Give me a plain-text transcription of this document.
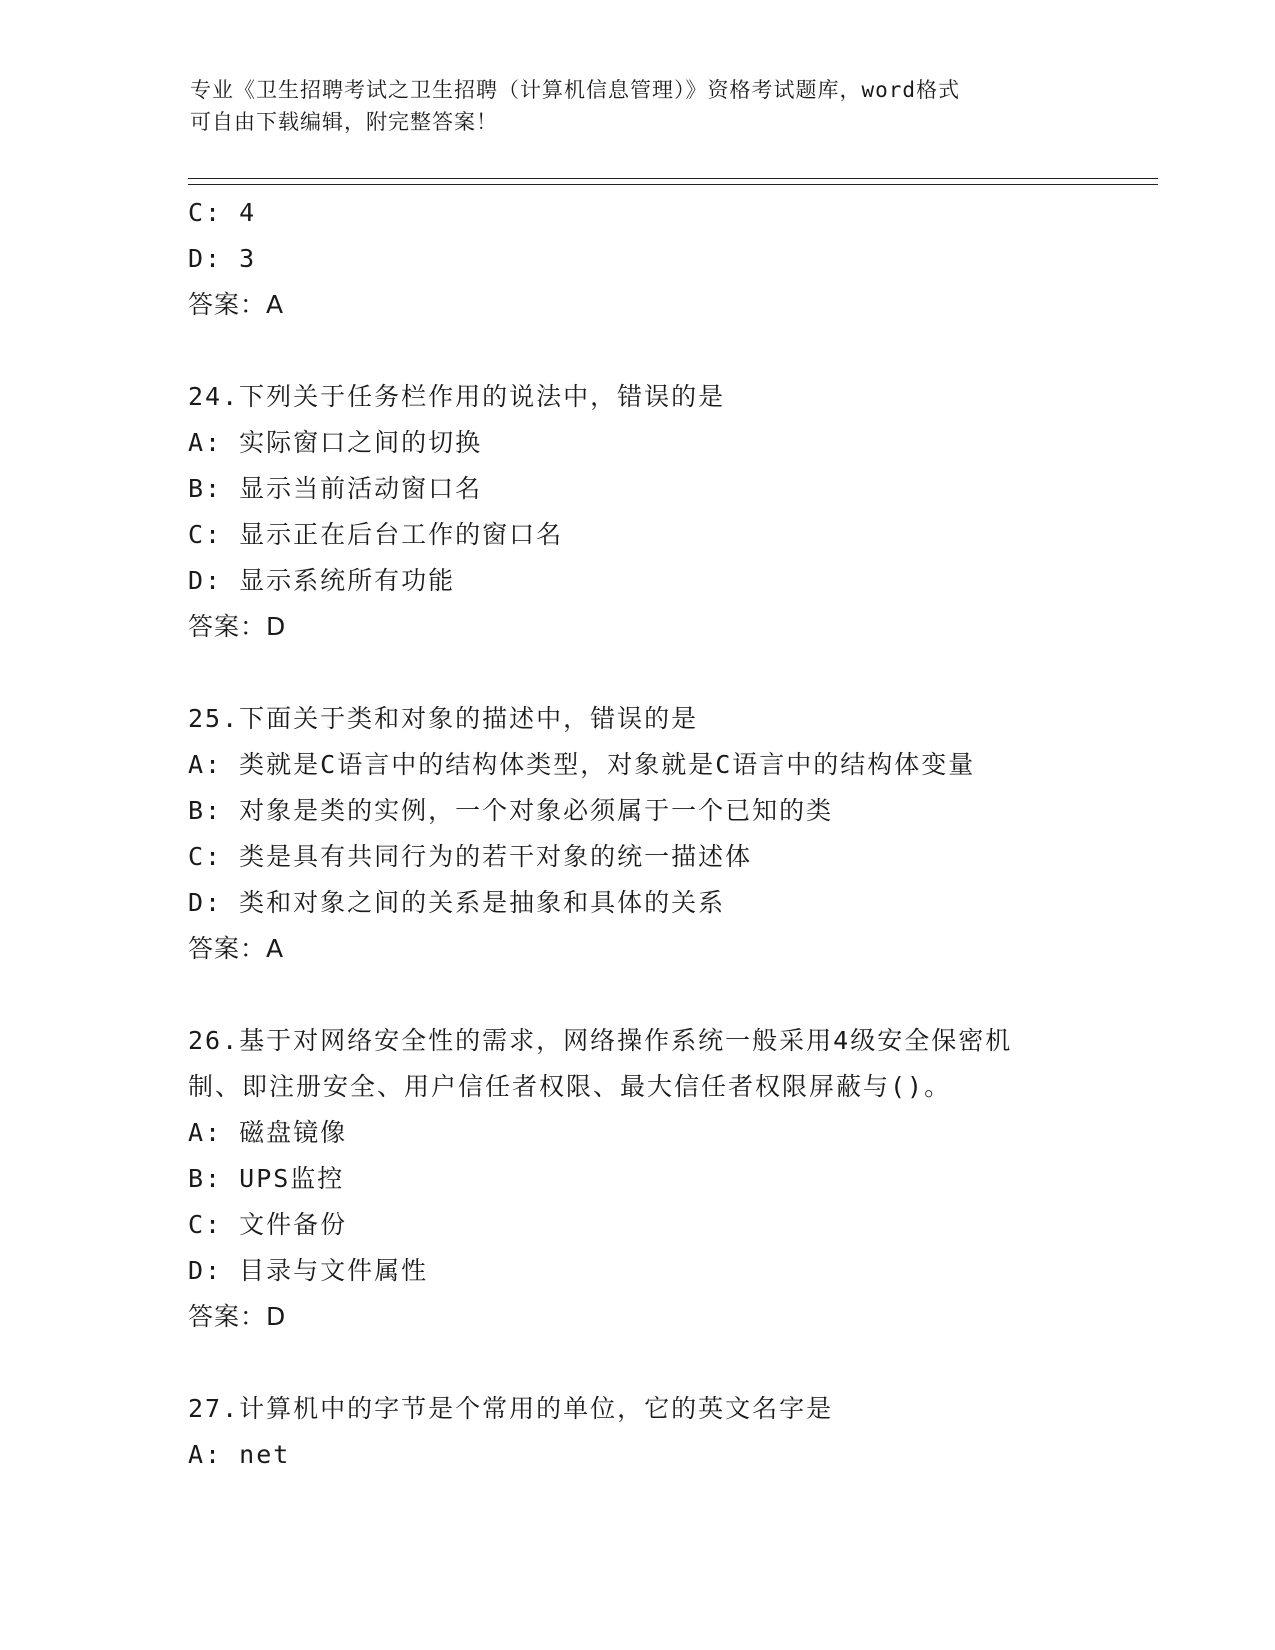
专业《卫生招聘考试之卫生招聘（计算机信息管理）》资格考试题库，word格式
可自由下载编辑，附完整答案！
C: 4
D: 3
答案：A
24.下列关于任务栏作用的说法中，错误的是
A: 实际窗口之间的切换
B: 显示当前活动窗口名
C: 显示正在后台工作的窗口名
D: 显示系统所有功能
答案：D
25.下面关于类和对象的描述中，错误的是
A: 类就是C语言中的结构体类型，对象就是C语言中的结构体变量
B: 对象是类的实例，一个对象必须属于一个已知的类
C: 类是具有共同行为的若干对象的统一描述体
D: 类和对象之间的关系是抽象和具体的关系
答案：A
26.基于对网络安全性的需求，网络操作系统一般采用4级安全保密机
制、即注册安全、用户信任者权限、最大信任者权限屏蔽与()。
A: 磁盘镜像
B: UPS监控
C: 文件备份
D: 目录与文件属性
答案：D
27.计算机中的字节是个常用的单位，它的英文名字是
A: net
